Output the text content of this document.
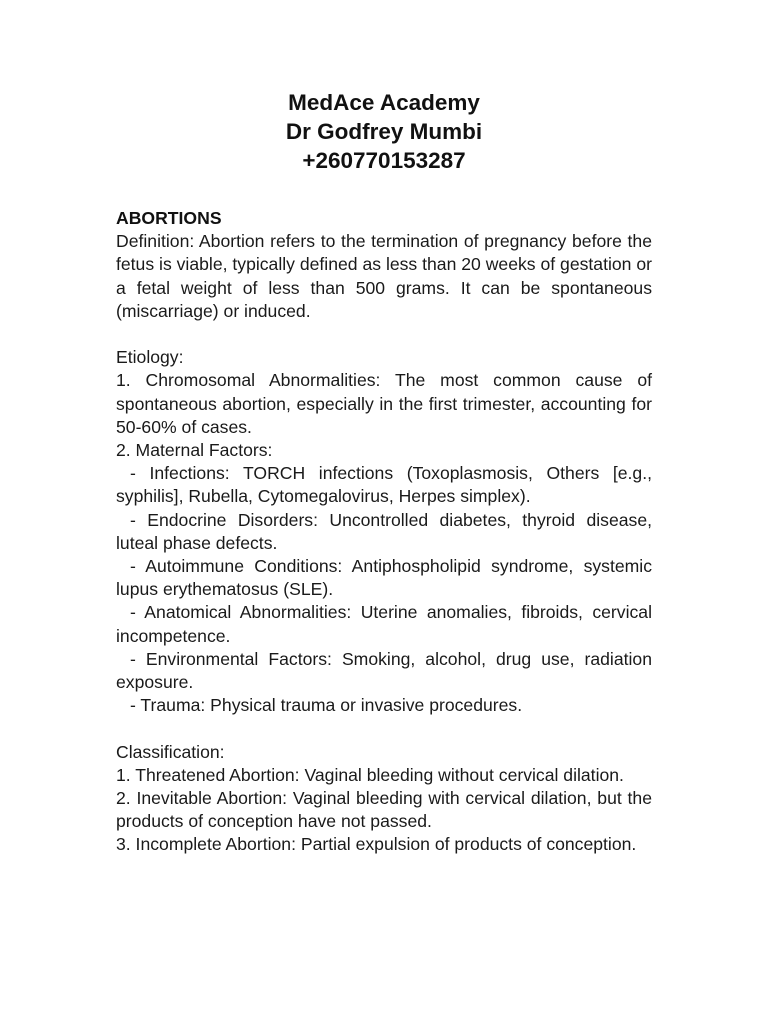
MedAce Academy
Dr Godfrey Mumbi
+260770153287

ABORTIONS

Definition: Abortion refers to the termination of pregnancy before the fetus is viable, typically defined as less than 20 weeks of gestation or a fetal weight of less than 500 grams. It can be spontaneous (miscarriage) or induced.

Etiology:

1. Chromosomal Abnormalities: The most common cause of spontaneous abortion, especially in the first trimester, accounting for 50-60% of cases.

2. Maternal Factors:

- Infections: TORCH infections (Toxoplasmosis, Others [e.g., syphilis], Rubella, Cytomegalovirus, Herpes simplex).

- Endocrine Disorders: Uncontrolled diabetes, thyroid disease, luteal phase defects.

- Autoimmune Conditions: Antiphospholipid syndrome, systemic lupus erythematosus (SLE).

- Anatomical Abnormalities: Uterine anomalies, fibroids, cervical incompetence.

- Environmental Factors: Smoking, alcohol, drug use, radiation exposure.

- Trauma: Physical trauma or invasive procedures.

Classification:

1. Threatened Abortion: Vaginal bleeding without cervical dilation.

2. Inevitable Abortion: Vaginal bleeding with cervical dilation, but the products of conception have not passed.

3. Incomplete Abortion: Partial expulsion of products of conception.
